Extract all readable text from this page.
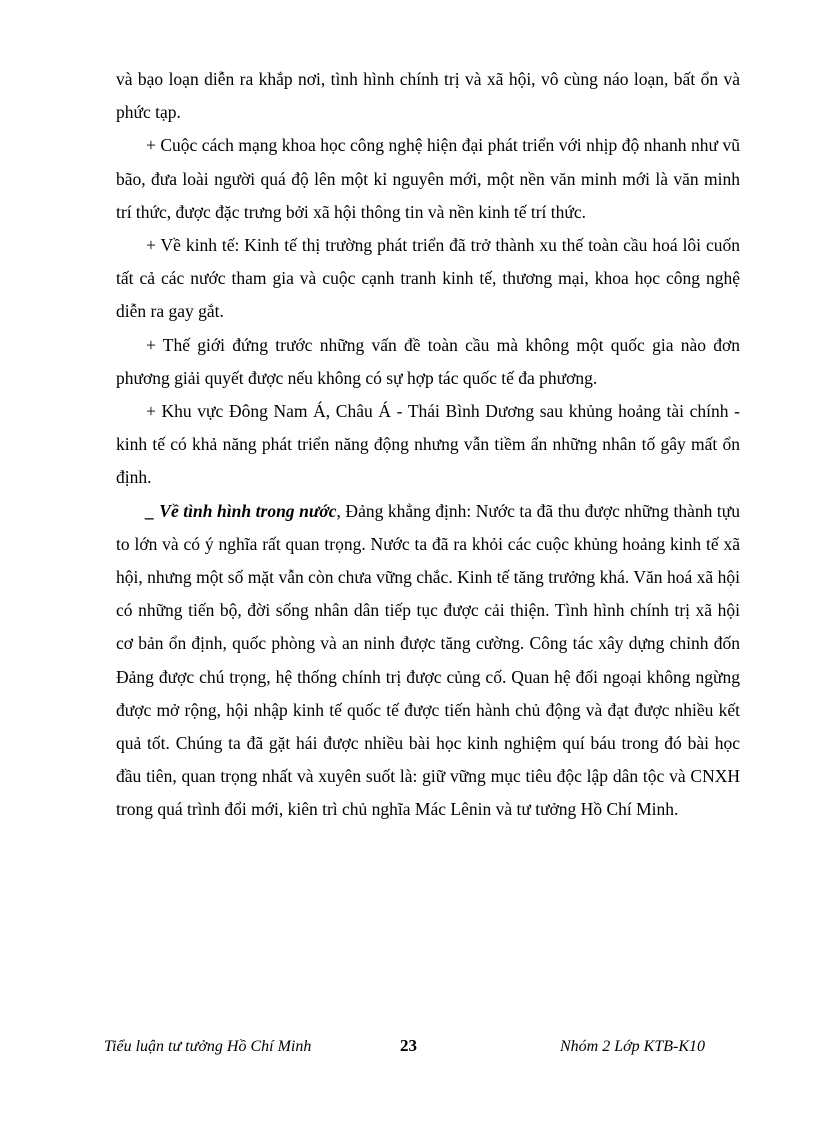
và bạo loạn diễn ra khắp nơi, tình hình chính trị và xã hội, vô cùng náo loạn, bất ổn và phức tạp.

+ Cuộc cách mạng khoa học công nghệ hiện đại phát triển với nhịp độ nhanh như vũ bão, đưa loài người quá độ lên một kỉ nguyên mới, một nền văn minh mới là văn minh trí thức, được đặc trưng bởi xã hội thông tin và nền kinh tế trí thức.

+ Về kinh tế: Kinh tế thị trường phát triển đã trở thành xu thế toàn cầu hoá lôi cuốn tất cả các nước tham gia và cuộc cạnh tranh kinh tế, thương mại, khoa học công nghệ diễn ra gay gắt.

+ Thế giới đứng trước những vấn đề toàn cầu mà không một quốc gia nào đơn phương giải quyết được nếu không có sự hợp tác quốc tế đa phương.

+ Khu vực Đông Nam Á, Châu Á - Thái Bình Dương sau khủng hoảng tài chính - kinh tế có khả năng phát triển năng động nhưng vẫn tiềm ẩn những nhân tố gây mất ổn định.

_ Về tình hình trong nước, Đảng khẳng định: Nước ta đã thu được những thành tựu to lớn và có ý nghĩa rất quan trọng. Nước ta đã ra khỏi các cuộc khủng hoảng kinh tế xã hội, nhưng một số mặt vẫn còn chưa vững chắc. Kinh tế tăng trưởng khá. Văn hoá xã hội có những tiến bộ, đời sống nhân dân tiếp tục được cải thiện. Tình hình chính trị xã hội cơ bản ổn định, quốc phòng và an ninh được tăng cường. Công tác xây dựng chỉnh đốn Đảng được chú trọng, hệ thống chính trị được củng cố. Quan hệ đối ngoại không ngừng được mở rộng, hội nhập kinh tế quốc tế được tiến hành chủ động và đạt được nhiều kết quả tốt. Chúng ta đã gặt hái được nhiều bài học kinh nghiệm quí báu trong đó bài học đầu tiên, quan trọng nhất và xuyên suốt là: giữ vững mục tiêu độc lập dân tộc và CNXH trong quá trình đổi mới, kiên trì chủ nghĩa Mác Lênin và tư tưởng Hồ Chí Minh.

Tiểu luận tư tưởng Hồ Chí Minh	23	Nhóm 2 Lớp KTB-K10
